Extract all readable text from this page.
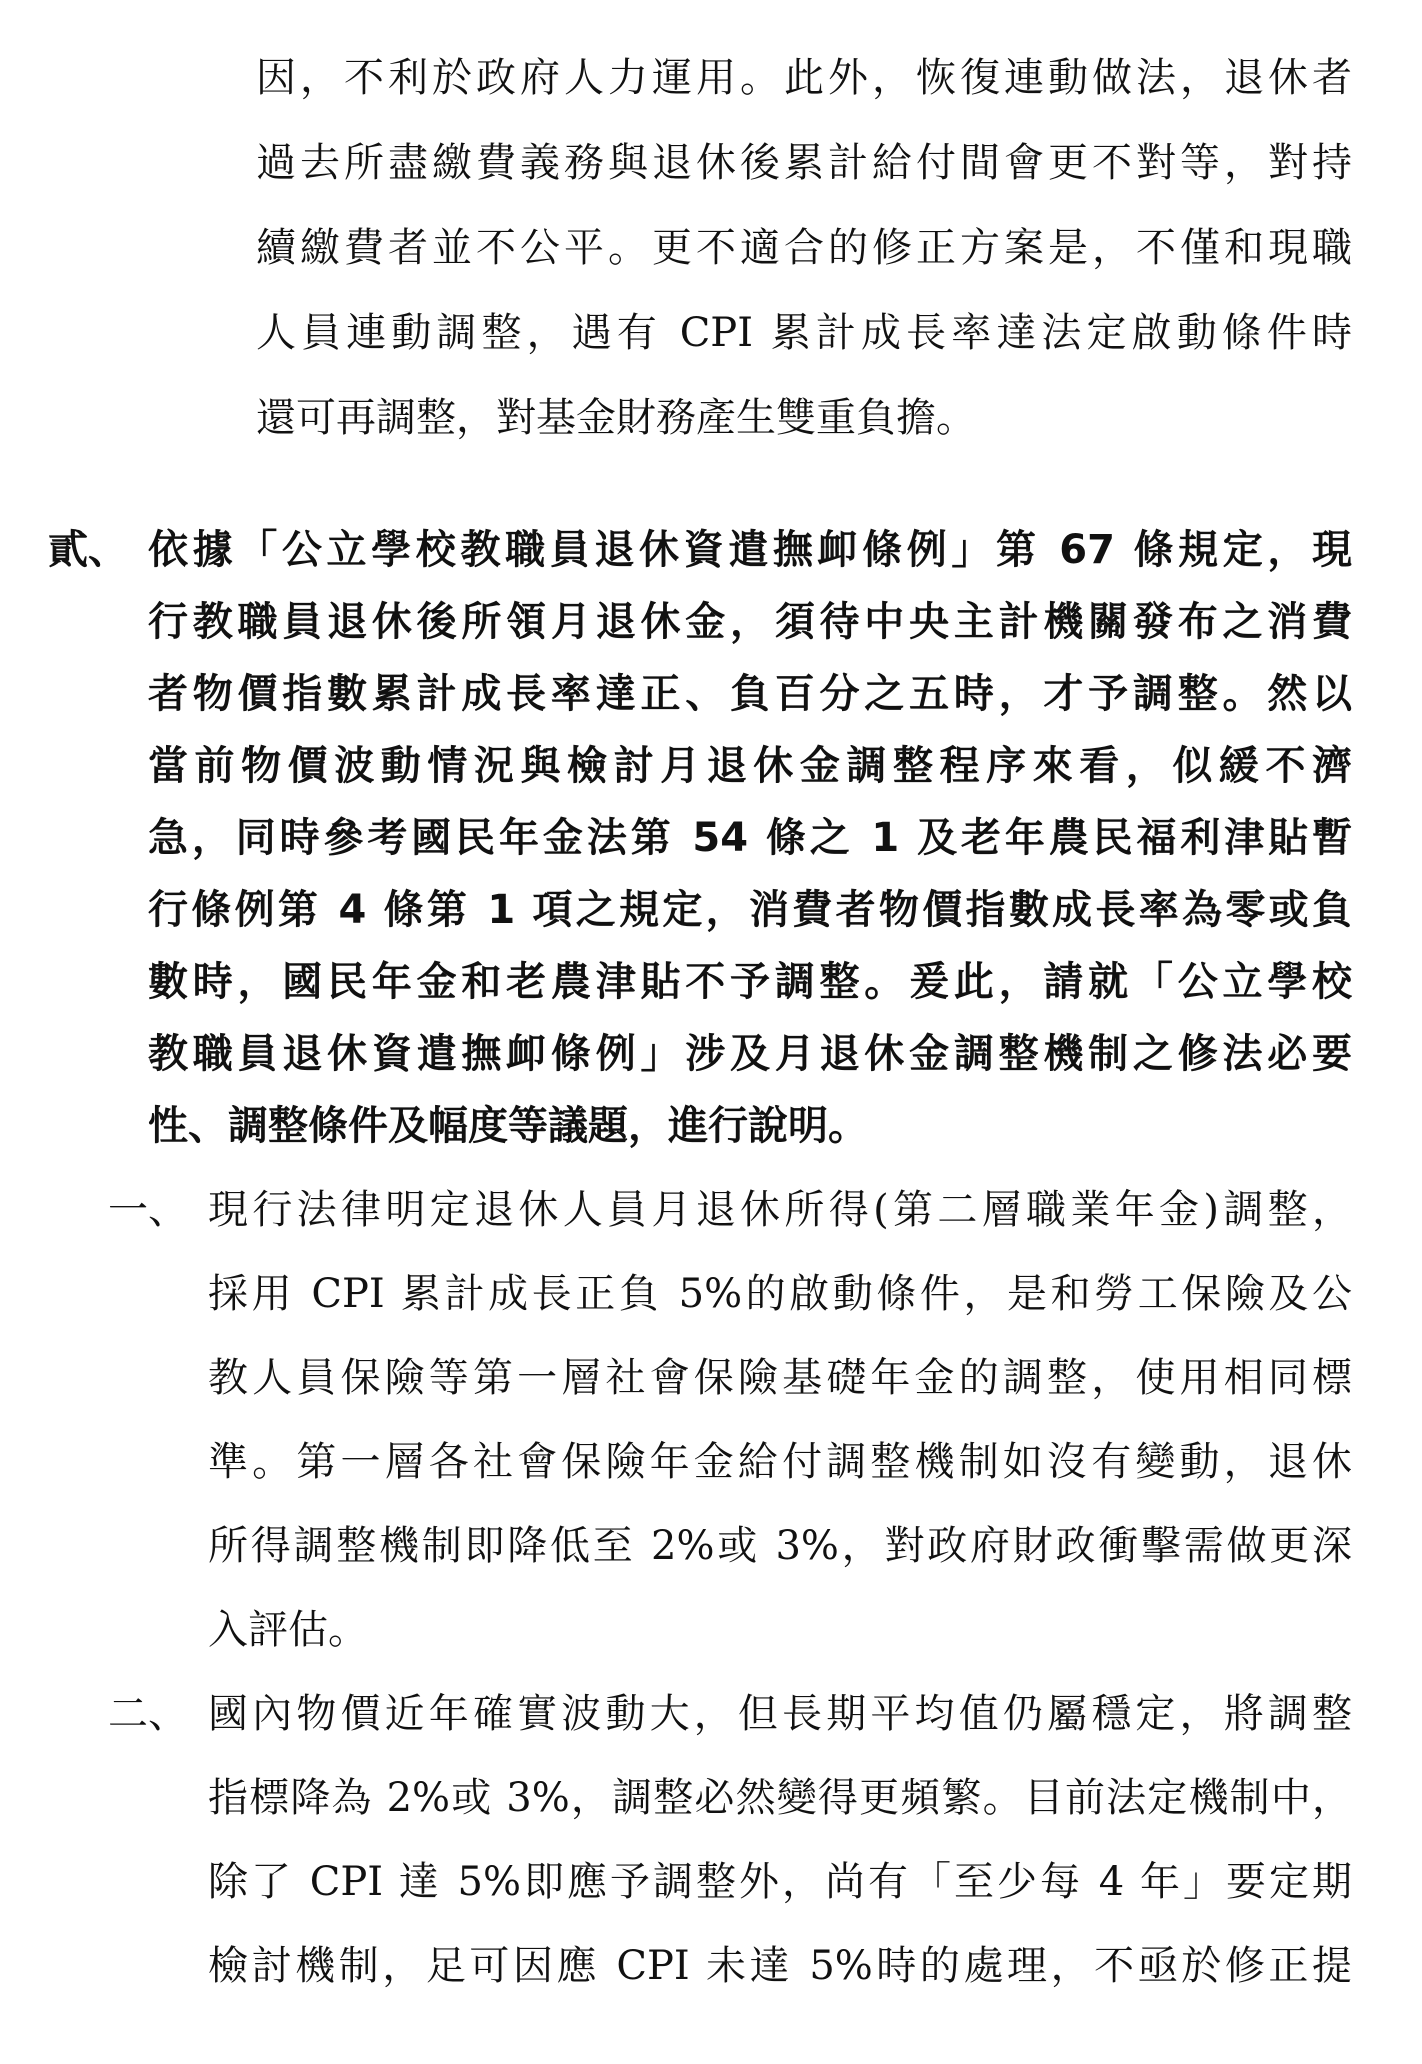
因，不利於政府人力運用。此外，恢復連動做法，退休者
過去所盡繳費義務與退休後累計給付間會更不對等，對持
續繳費者並不公平。更不適合的修正方案是，不僅和現職
人員連動調整，遇有 CPI 累計成長率達法定啟動條件時
還可再調整，對基金財務產生雙重負擔。
貳、 依據「公立學校教職員退休資遣撫卹條例」第 67 條規定，現
行教職員退休後所領月退休金，須待中央主計機關發布之消費
者物價指數累計成長率達正、負百分之五時，才予調整。然以
當前物價波動情況與檢討月退休金調整程序來看，似緩不濟
急，同時參考國民年金法第 54 條之 1 及老年農民福利津貼暫
行條例第 4 條第 1 項之規定，消費者物價指數成長率為零或負
數時，國民年金和老農津貼不予調整。爰此，請就「公立學校
教職員退休資遣撫卹條例」涉及月退休金調整機制之修法必要
性、調整條件及幅度等議題，進行說明。
一、 現行法律明定退休人員月退休所得(第二層職業年金)調整，
採用 CPI 累計成長正負 5%的啟動條件，是和勞工保險及公
教人員保險等第一層社會保險基礎年金的調整，使用相同標
準。第一層各社會保險年金給付調整機制如沒有變動，退休
所得調整機制即降低至 2%或 3%，對政府財政衝擊需做更深
入評估。
二、 國內物價近年確實波動大，但長期平均值仍屬穩定，將調整
指標降為 2%或 3%，調整必然變得更頻繁。目前法定機制中，
除了 CPI 達 5%即應予調整外，尚有「至少每 4 年」要定期
檢討機制，足可因應 CPI 未達 5%時的處理，不亟於修正提
